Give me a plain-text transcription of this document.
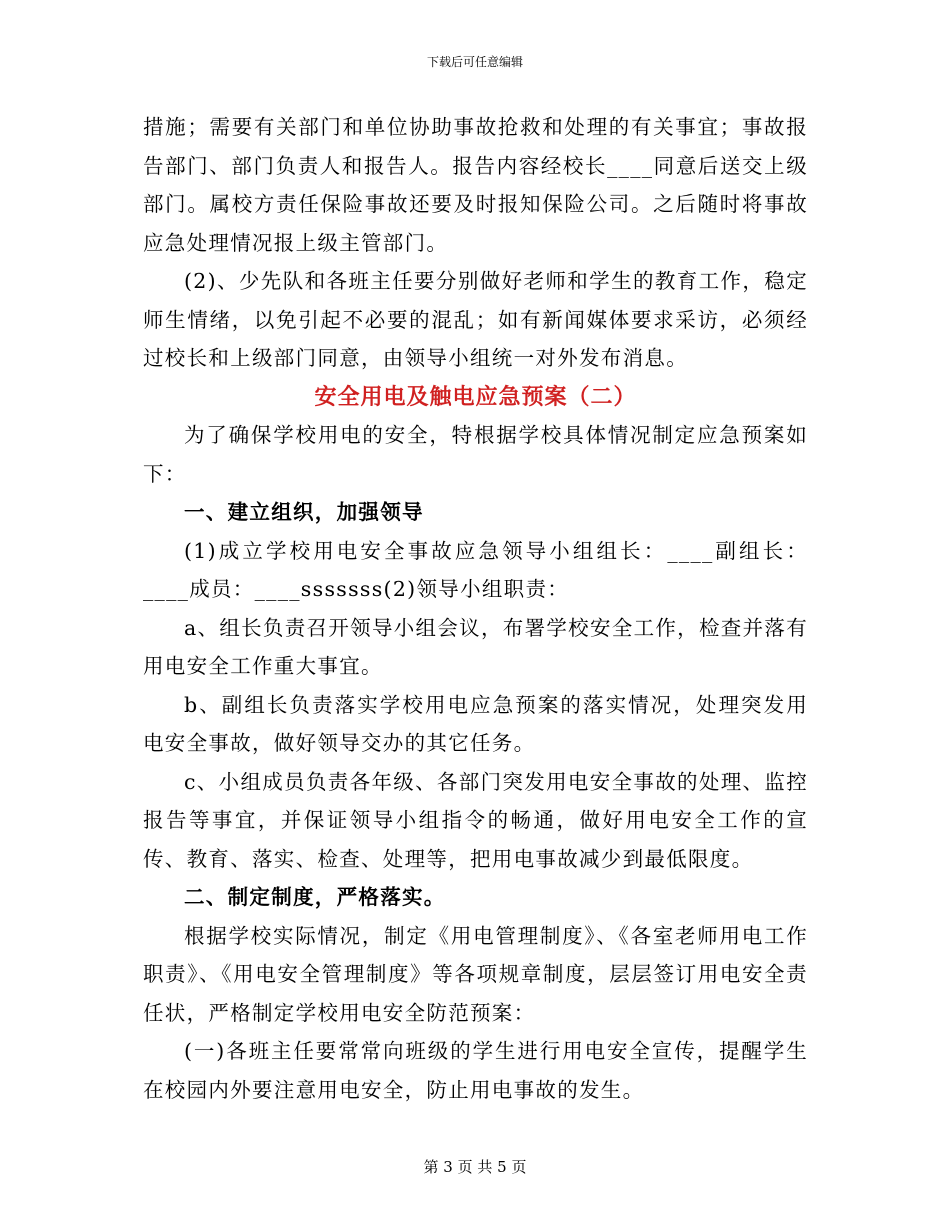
下载后可任意编辑

措施；需要有关部门和单位协助事故抢救和处理的有关事宜；事故报告部门、部门负责人和报告人。报告内容经校长____同意后送交上级部门。属校方责任保险事故还要及时报知保险公司。之后随时将事故应急处理情况报上级主管部门。

(2)、少先队和各班主任要分别做好老师和学生的教育工作，稳定师生情绪，以免引起不必要的混乱；如有新闻媒体要求采访，必须经过校长和上级部门同意，由领导小组统一对外发布消息。

安全用电及触电应急预案（二）

为了确保学校用电的安全，特根据学校具体情况制定应急预案如下：

一、建立组织，加强领导

(1)成立学校用电安全事故应急领导小组组长：____副组长：____成员：____sssssss(2)领导小组职责：

a、组长负责召开领导小组会议，布署学校安全工作，检查并落有用电安全工作重大事宜。

b、副组长负责落实学校用电应急预案的落实情况，处理突发用电安全事故，做好领导交办的其它任务。

c、小组成员负责各年级、各部门突发用电安全事故的处理、监控报告等事宜，并保证领导小组指令的畅通，做好用电安全工作的宣传、教育、落实、检查、处理等，把用电事故减少到最低限度。

二、制定制度，严格落实。

根据学校实际情况，制定《用电管理制度》、《各室老师用电工作职责》、《用电安全管理制度》等各项规章制度，层层签订用电安全责任状，严格制定学校用电安全防范预案：

(一)各班主任要常常向班级的学生进行用电安全宣传，提醒学生在校园内外要注意用电安全，防止用电事故的发生。

第 3 页 共 5 页
